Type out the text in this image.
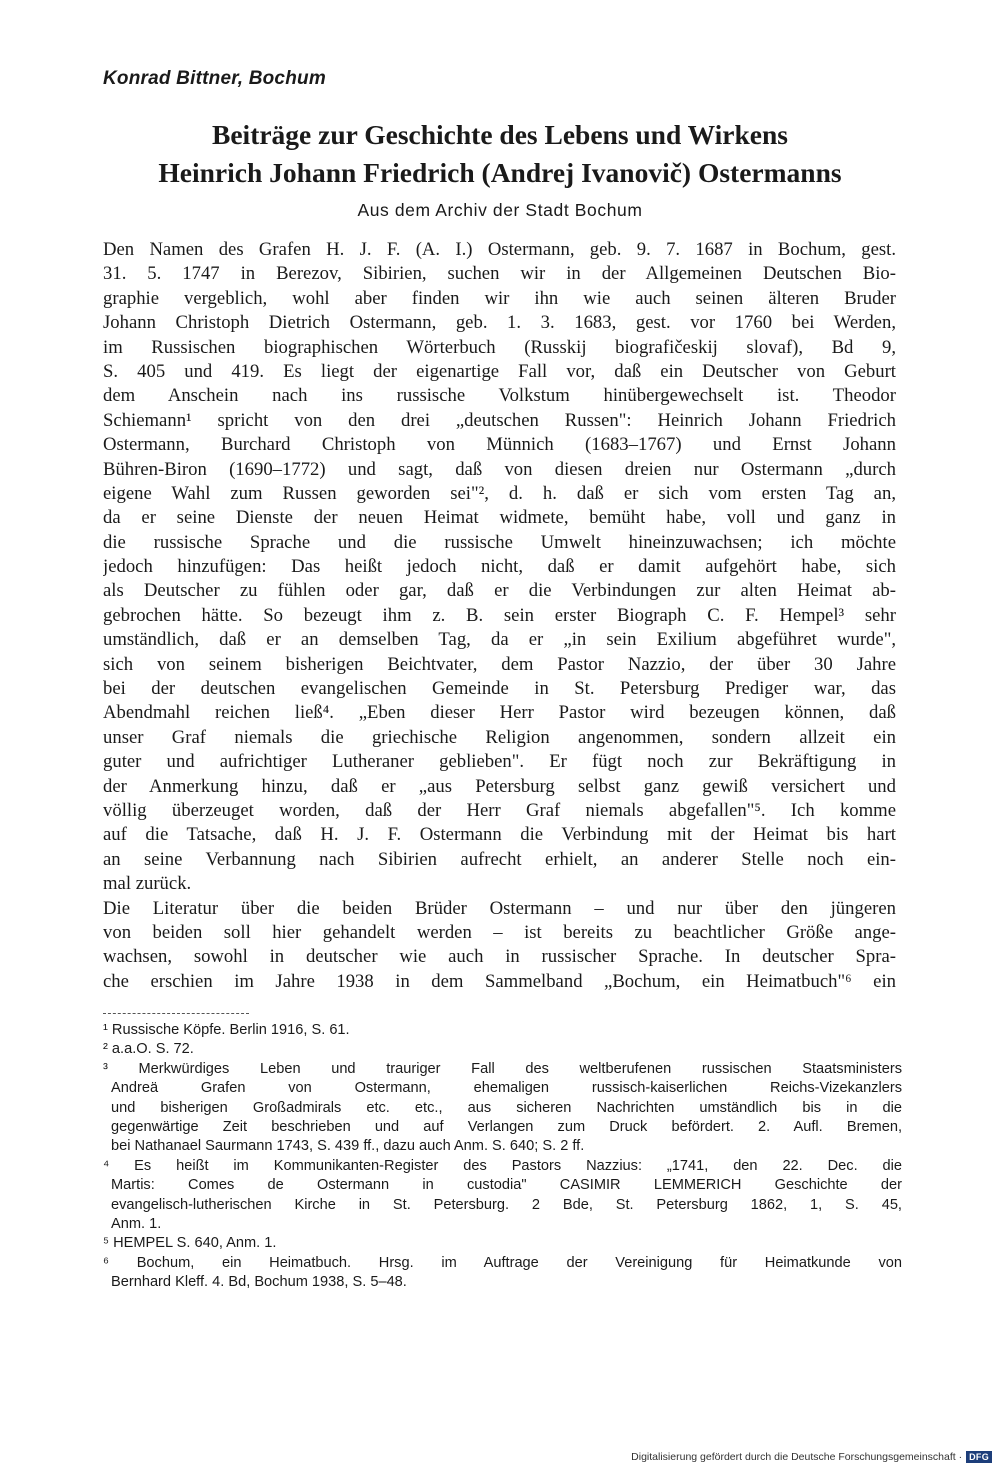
Konrad Bittner, Bochum
Beiträge zur Geschichte des Lebens und Wirkens
Heinrich Johann Friedrich (Andrej Ivanovič) Ostermanns
Aus dem Archiv der Stadt Bochum
Den Namen des Grafen H. J. F. (A. I.) Ostermann, geb. 9. 7. 1687 in Bochum, gest.
31. 5. 1747 in Berezov, Sibirien, suchen wir in der Allgemeinen Deutschen Bio-
graphie vergeblich, wohl aber finden wir ihn wie auch seinen älteren Bruder
Johann Christoph Dietrich Ostermann, geb. 1. 3. 1683, gest. vor 1760 bei Werden,
im Russischen biographischen Wörterbuch (Russkij biografičeskij slovaf), Bd 9,
S. 405 und 419. Es liegt der eigenartige Fall vor, daß ein Deutscher von Geburt
dem Anschein nach ins russische Volkstum hinübergewechselt ist. Theodor
Schiemann¹ spricht von den drei „deutschen Russen": Heinrich Johann Friedrich
Ostermann, Burchard Christoph von Münnich (1683–1767) und Ernst Johann
Bühren-Biron (1690–1772) und sagt, daß von diesen dreien nur Ostermann „durch
eigene Wahl zum Russen geworden sei"², d. h. daß er sich vom ersten Tag an,
da er seine Dienste der neuen Heimat widmete, bemüht habe, voll und ganz in
die russische Sprache und die russische Umwelt hineinzuwachsen; ich möchte
jedoch hinzufügen: Das heißt jedoch nicht, daß er damit aufgehört habe, sich
als Deutscher zu fühlen oder gar, daß er die Verbindungen zur alten Heimat ab-
gebrochen hätte. So bezeugt ihm z. B. sein erster Biograph C. F. Hempel³ sehr
umständlich, daß er an demselben Tag, da er „in sein Exilium abgeführet wurde",
sich von seinem bisherigen Beichtvater, dem Pastor Nazzio, der über 30 Jahre
bei der deutschen evangelischen Gemeinde in St. Petersburg Prediger war, das
Abendmahl reichen ließ⁴. „Eben dieser Herr Pastor wird bezeugen können, daß
unser Graf niemals die griechische Religion angenommen, sondern allzeit ein
guter und aufrichtiger Lutheraner geblieben". Er fügt noch zur Bekräftigung in
der Anmerkung hinzu, daß er „aus Petersburg selbst ganz gewiß versichert und
völlig überzeuget worden, daß der Herr Graf niemals abgefallen"⁵. Ich komme
auf die Tatsache, daß H. J. F. Ostermann die Verbindung mit der Heimat bis hart
an seine Verbannung nach Sibirien aufrecht erhielt, an anderer Stelle noch ein-
mal zurück.
Die Literatur über die beiden Brüder Ostermann – und nur über den jüngeren
von beiden soll hier gehandelt werden – ist bereits zu beachtlicher Größe ange-
wachsen, sowohl in deutscher wie auch in russischer Sprache. In deutscher Spra-
che erschien im Jahre 1938 in dem Sammelband „Bochum, ein Heimatbuch"⁶ ein
¹ Russische Köpfe. Berlin 1916, S. 61.
² a.a.O. S. 72.
³ Merkwürdiges Leben und trauriger Fall des weltberufenen russischen Staatsministers
Andreä Grafen von Ostermann, ehemaligen russisch-kaiserlichen Reichs-Vizekanzlers
und bisherigen Großadmirals etc. etc., aus sicheren Nachrichten umständlich bis in die
gegenwärtige Zeit beschrieben und auf Verlangen zum Druck befördert. 2. Aufl. Bremen,
bei Nathanael Saurmann 1743, S. 439 ff., dazu auch Anm. S. 640; S. 2 ff.
⁴ Es heißt im Kommunikanten-Register des Pastors Nazzius: „1741, den 22. Dec. die
Martis: Comes de Ostermann in custodia" CASIMIR LEMMERICH Geschichte der
evangelisch-lutherischen Kirche in St. Petersburg. 2 Bde, St. Petersburg 1862, 1, S. 45,
Anm. 1.
⁵ HEMPEL S. 640, Anm. 1.
⁶ Bochum, ein Heimatbuch. Hrsg. im Auftrage der Vereinigung für Heimatkunde von
Bernhard Kleff. 4. Bd, Bochum 1938, S. 5–48.
Digitalisierung gefördert durch die Deutsche Forschungsgemeinschaft · DFG
